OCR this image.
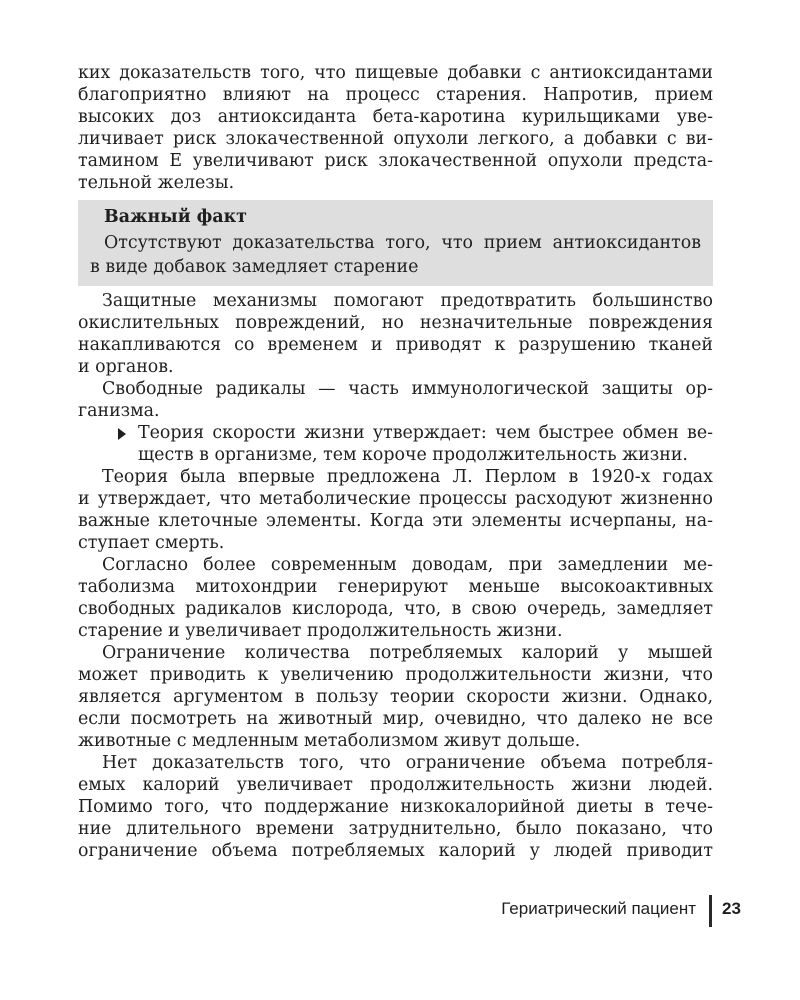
ких доказательств того, что пищевые добавки с антиоксидантами
благоприятно влияют на процесс старения. Напротив, прием
высоких доз антиоксиданта бета-каротина курильщиками уве-
личивает риск злокачественной опухоли легкого, а добавки с ви-
тамином Е увеличивают риск злокачественной опухоли предста-
тельной железы.
Важный факт
Отсутствуют доказательства того, что прием антиоксидантов
в виде добавок замедляет старение
Защитные механизмы помогают предотвратить большинство
окислительных повреждений, но незначительные повреждения
накапливаются со временем и приводят к разрушению тканей
и органов.
Свободные радикалы — часть иммунологической защиты ор-
ганизма.
Теория скорости жизни утверждает: чем быстрее обмен ве-
ществ в организме, тем короче продолжительность жизни.
Теория была впервые предложена Л. Перлом в 1920-х годах
и утверждает, что метаболические процессы расходуют жизненно
важные клеточные элементы. Когда эти элементы исчерпаны, на-
ступает смерть.
Согласно более современным доводам, при замедлении ме-
таболизма митохондрии генерируют меньше высокоактивных
свободных радикалов кислорода, что, в свою очередь, замедляет
старение и увеличивает продолжительность жизни.
Ограничение количества потребляемых калорий у мышей
может приводить к увеличению продолжительности жизни, что
является аргументом в пользу теории скорости жизни. Однако,
если посмотреть на животный мир, очевидно, что далеко не все
животные с медленным метаболизмом живут дольше.
Нет доказательств того, что ограничение объема потребля-
емых калорий увеличивает продолжительность жизни людей.
Помимо того, что поддержание низкокалорийной диеты в тече-
ние длительного времени затруднительно, было показано, что
ограничение объема потребляемых калорий у людей приводит
Гериатрический пациент 23
